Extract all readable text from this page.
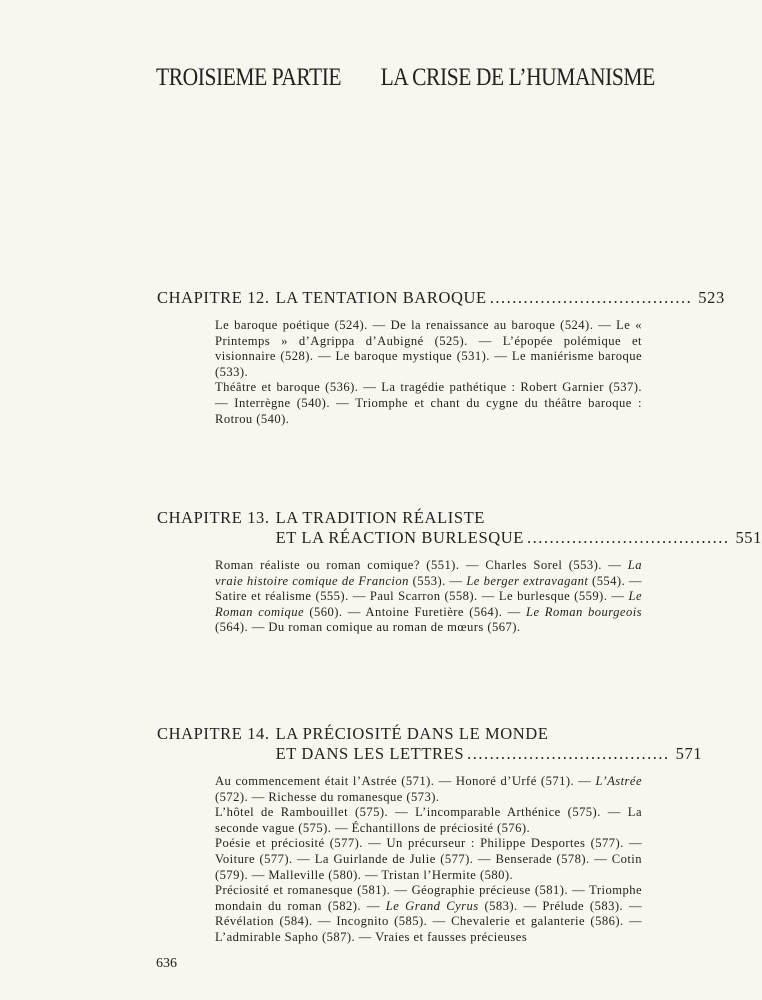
TROISIEME PARTIE LA CRISE DE L’HUMANISME
CHAPITRE 12. LA TENTATION BAROQUE .................................... 523

Le baroque poétique (524). — De la renaissance au baroque (524). — Le « Printemps » d’Agrippa d’Aubigné (525). — L’épopée polémique et visionnaire (528). — Le baroque mystique (531). — Le maniérisme baroque (533).

Théâtre et baroque (536). — La tragédie pathétique : Robert Garnier (537). — Interrègne (540). — Triomphe et chant du cygne du théâtre baroque : Rotrou (540).

CHAPITRE 13. LA TRADITION RÉALISTE
ET LA RÉACTION BURLESQUE .................................... 551

Roman réaliste ou roman comique? (551). — Charles Sorel (553). — La vraie histoire comique de Francion (553). — Le berger extravagant (554). — Satire et réalisme (555). — Paul Scarron (558). — Le burlesque (559). — Le Roman comique (560). — Antoine Furetière (564). — Le Roman bourgeois (564). — Du roman comique au roman de mœurs (567).

CHAPITRE 14. LA PRÉCIOSITÉ DANS LE MONDE
ET DANS LES LETTRES .................................... 571

Au commencement était l’Astrée (571). — Honoré d’Urfé (571). — L’Astrée (572). — Richesse du romanesque (573).

L’hôtel de Rambouillet (575). — L’incomparable Arthénice (575). — La seconde vague (575). — Échantillons de préciosité (576).

Poésie et préciosité (577). — Un précurseur : Philippe Desportes (577). — Voiture (577). — La Guirlande de Julie (577). — Benserade (578). — Cotin (579). — Malleville (580). — Tristan l’Hermite (580).

Préciosité et romanesque (581). — Géographie précieuse (581). — Triomphe mondain du roman (582). — Le Grand Cyrus (583). — Prélude (583). — Révélation (584). — Incognito (585). — Chevalerie et galanterie (586). — L’admirable Sapho (587). — Vraies et fausses précieuses

636
